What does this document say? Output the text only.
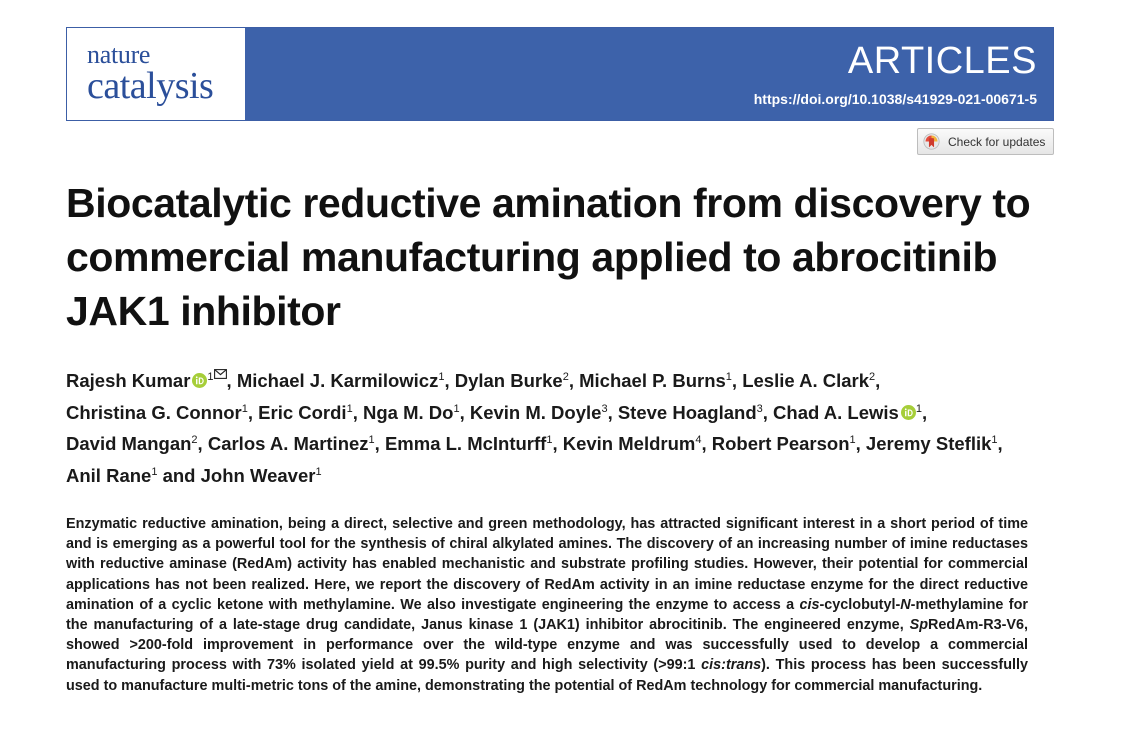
nature
catalysis
ARTICLES
https://doi.org/10.1038/s41929-021-00671-5
Check for updates
Biocatalytic reductive amination from discovery to commercial manufacturing applied to abrocitinib JAK1 inhibitor
Rajesh Kumar $^1$ , Michael J. Karmilowicz$^1$, Dylan Burke$^2$, Michael P. Burns$^1$, Leslie A. Clark$^2$, Christina G. Connor$^1$, Eric Cordi$^1$, Nga M. Do$^1$, Kevin M. Doyle$^3$, Steve Hoagland$^3$, Chad A. Lewis $^1$, David Mangan$^2$, Carlos A. Martinez$^1$, Emma L. McInturff$^1$, Kevin Meldrum$^4$, Robert Pearson$^1$, Jeremy Steflik$^1$, Anil Rane$^1$ and John Weaver$^1$

Enzymatic reductive amination, being a direct, selective and green methodology, has attracted significant interest in a short period of time and is emerging as a powerful tool for the synthesis of chiral alkylated amines. The discovery of an increasing number of imine reductases with reductive aminase (RedAm) activity has enabled mechanistic and substrate profiling studies. However, their potential for commercial applications has not been realized. Here, we report the discovery of RedAm activity in an imine reductase enzyme for the direct reductive amination of a cyclic ketone with methylamine. We also investigate engineering the enzyme to access a cis-cyclobutyl-N-methylamine for the manufacturing of a late-stage drug candidate, Janus kinase 1 (JAK1) inhibitor abrocitinib. The engineered enzyme, SpRedAm-R3-V6, showed >200-fold improvement in performance over the wild-type enzyme and was successfully used to develop a commercial manufacturing process with 73% isolated yield at 99.5% purity and high selectivity (>99:1 cis:trans). This process has been successfully used to manufacture multi-metric tons of the amine, demonstrating the potential of RedAm technology for commercial manufacturing.
